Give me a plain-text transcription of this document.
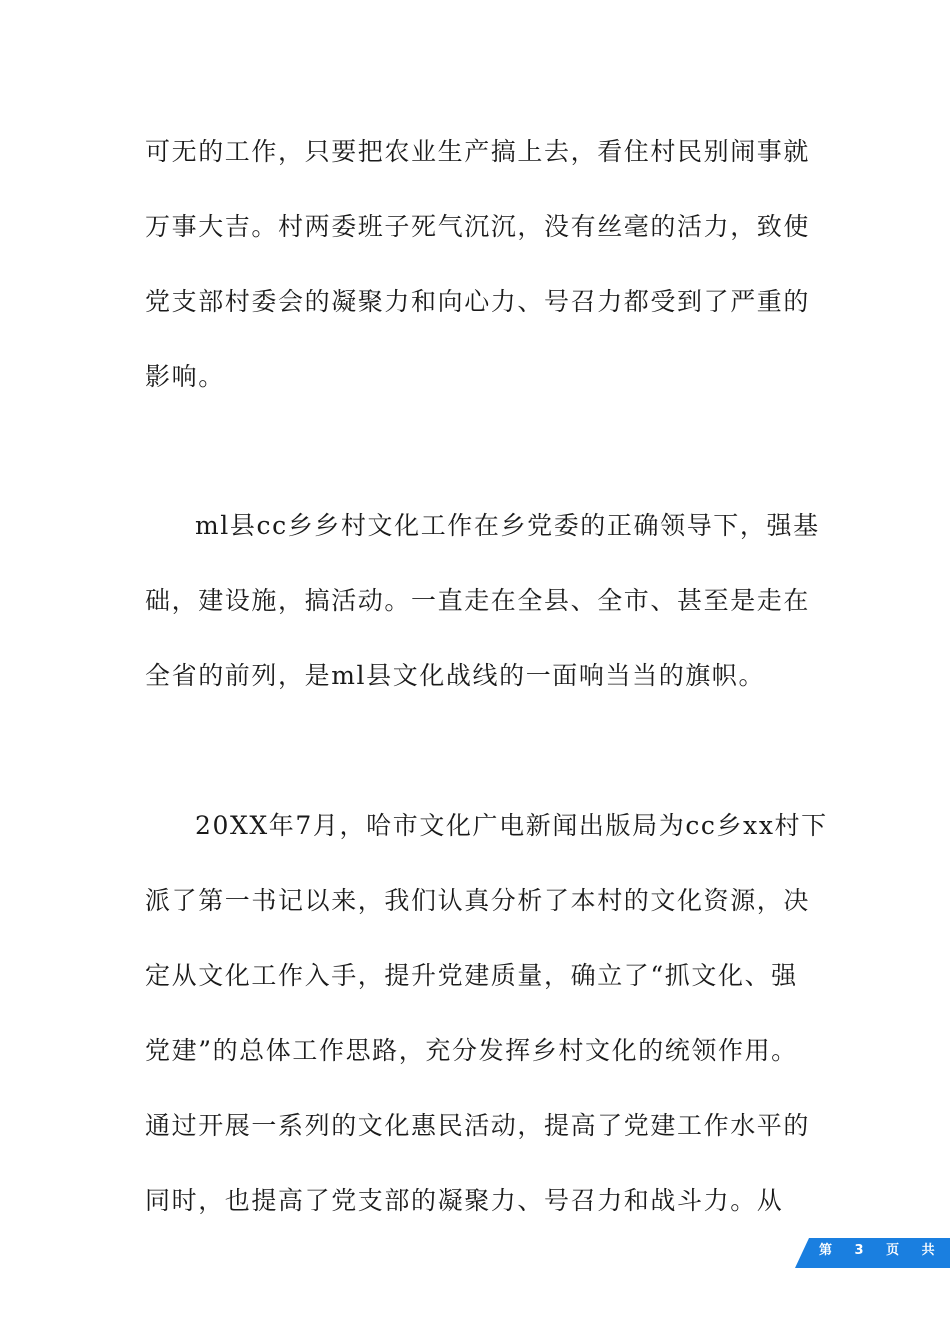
可无的工作，只要把农业生产搞上去，看住村民别闹事就
万事大吉。村两委班子死气沉沉，没有丝毫的活力，致使
党支部村委会的凝聚力和向心力、号召力都受到了严重的
影响。
ml县cc乡乡村文化工作在乡党委的正确领导下，强基
础，建设施，搞活动。一直走在全县、全市、甚至是走在
全省的前列，是ml县文化战线的一面响当当的旗帜。
20XX年7月，哈市文化广电新闻出版局为cc乡xx村下
派了第一书记以来，我们认真分析了本村的文化资源，决
定从文化工作入手，提升党建质量，确立了“抓文化、强
党建”的总体工作思路，充分发挥乡村文化的统领作用。
通过开展一系列的文化惠民活动，提高了党建工作水平的
同时，也提高了党支部的凝聚力、号召力和战斗力。从
第 3 页 共
